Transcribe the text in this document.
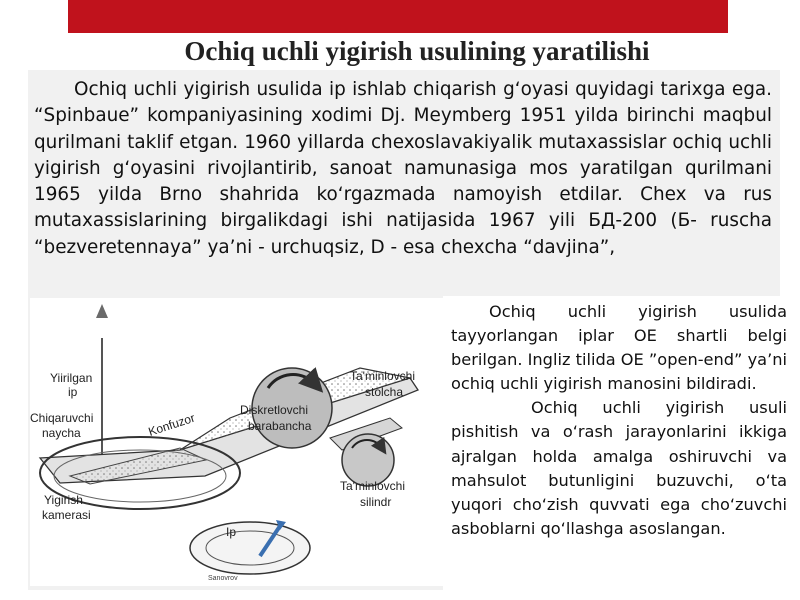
Ochiq uchli yigirish usulining yaratilishi
Ochiq uchli yigirish usulida ip ishlab chiqarish g‘oyasi quyidagi tarixga ega. “Spinbaue” kompaniyasining xodimi Dj. Meymberg 1951 yilda birinchi maqbul qurilmani taklif etgan. 1960 yillarda chexoslavakiyalik mutaxassislar ochiq uchli yigirish g‘oyasini rivojlantirib, sanoat namunasiga mos yaratilgan qurilmani 1965 yilda Brno shahrida ko‘rgazmada namoyish etdilar. Chex va rus mutaxassislarining birgalikdagi ishi natijasida 1967 yili БД-200 (Б- ruscha “bezveretennaya” ya’ni - urchuqsiz, D - esa chexcha “davjina”,
Yiirilgan
ip
Chiqaruvchi
naycha
Yigirish
kamerasi
Diskretlovchi
barabancha
Ta'minlovchi
stolcha
Ta'minlovchi
silindr
Konfuzor
Ip
Sanovrov

Ochiq uchli yigirish usulida tayyorlangan iplar OE shartli belgi berilgan. Ingliz tilida OE ”open-end” ya’ni ochiq uchli yigirish manosini bildiradi.

Ochiq uchli yigirish usuli pishitish va o‘rash jarayonlarini ikkiga ajralgan holda amalga oshiruvchi va mahsulot butunligini buzuvchi, o‘ta yuqori cho‘zish quvvati ega cho‘zuvchi asboblarni qo‘llashga asoslangan.
